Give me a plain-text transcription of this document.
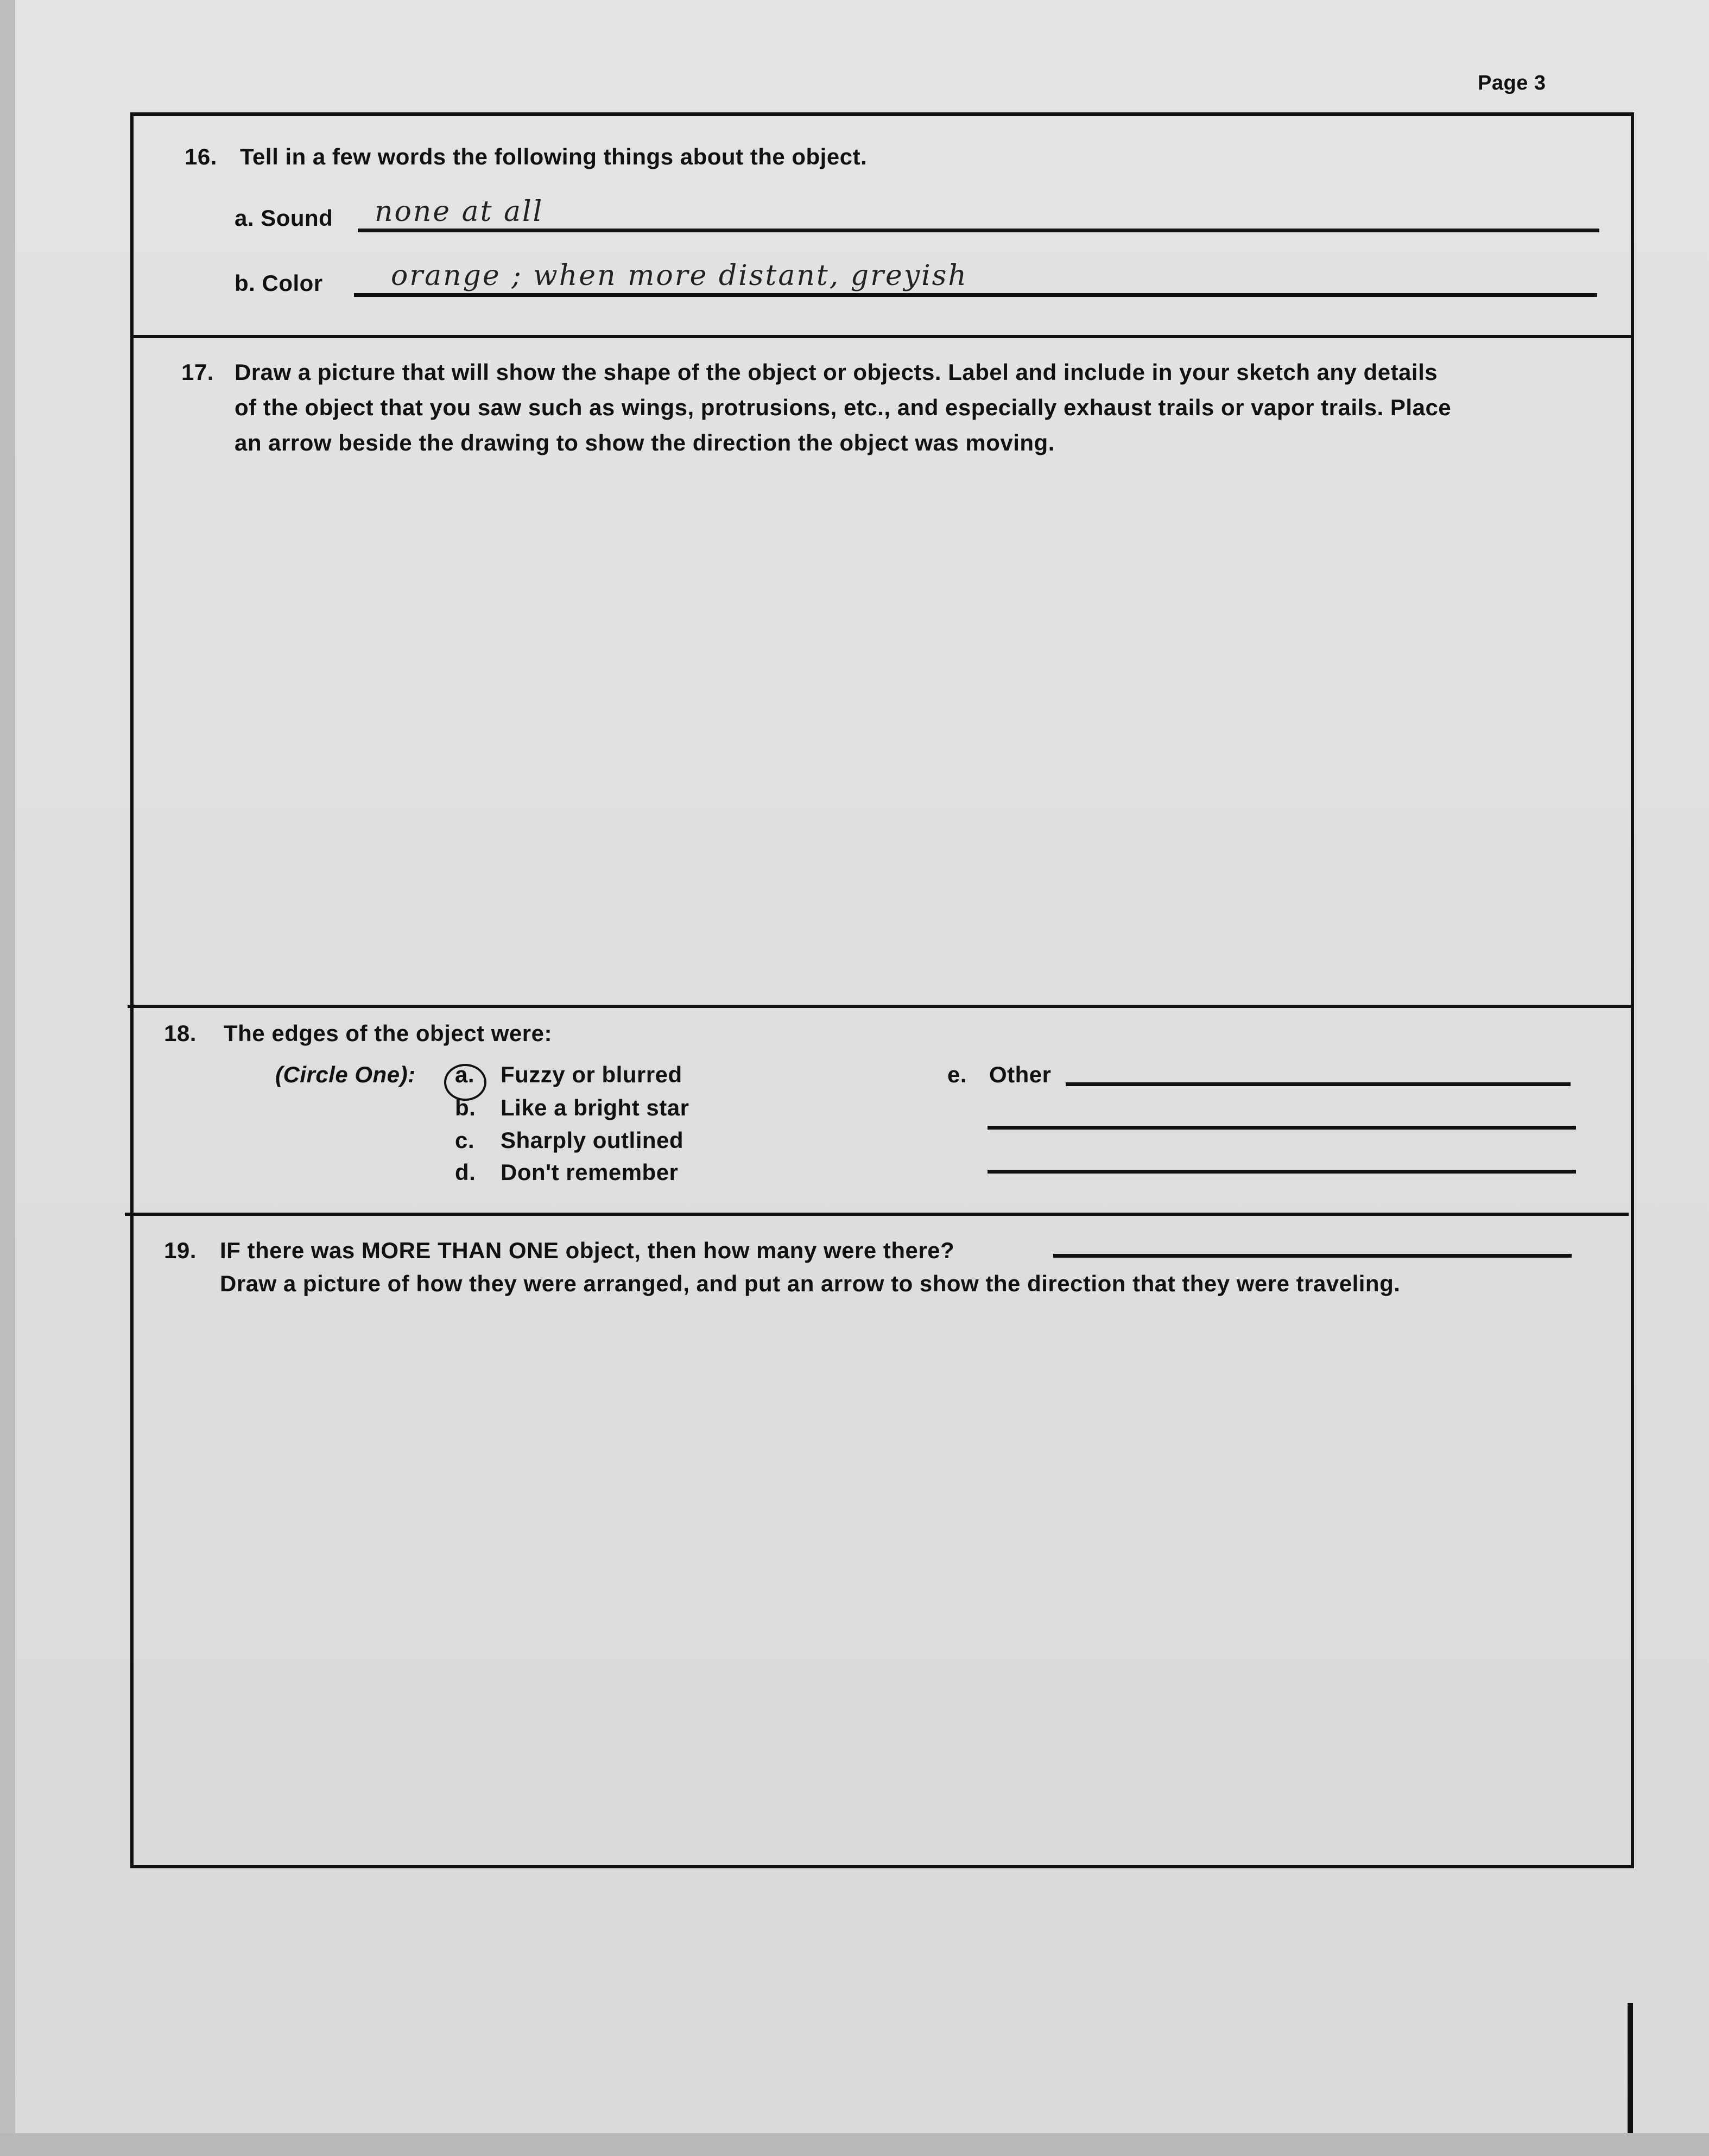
Page 3
16. Tell in a few words the following things about the object.
a. Sound none at all
b. Color orange ; when more distant, greyish
17. Draw a picture that will show the shape of the object or objects. Label and include in your sketch any details
of the object that you saw such as wings, protrusions, etc., and especially exhaust trails or vapor trails. Place
an arrow beside the drawing to show the direction the object was moving.
18. The edges of the object were:
(Circle One): a. Fuzzy or blurred
b. Like a bright star
c. Sharply outlined
d. Don't remember
e. Other
19. IF there was MORE THAN ONE object, then how many were there?
Draw a picture of how they were arranged, and put an arrow to show the direction that they were traveling.
